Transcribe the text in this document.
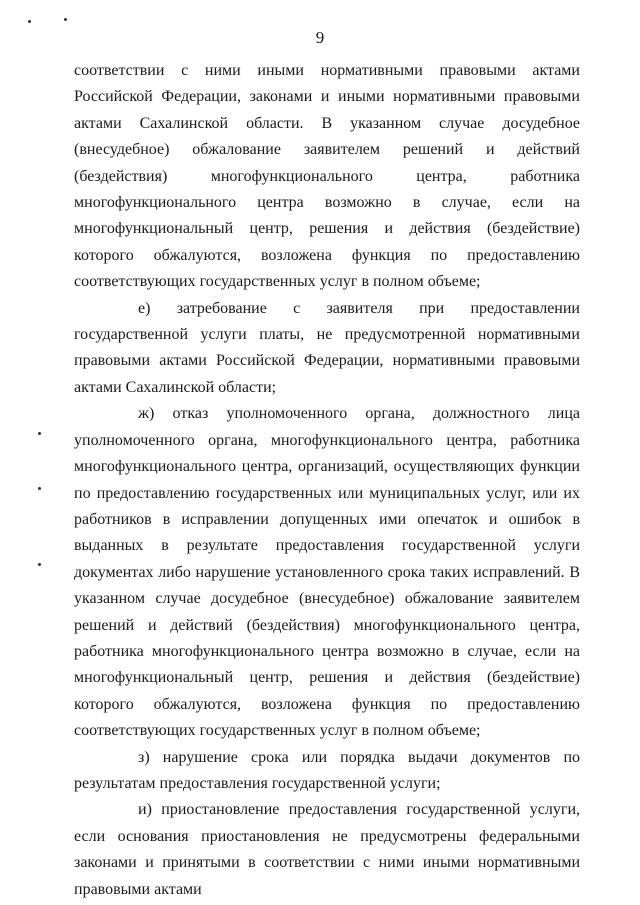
9

соответствии с ними иными нормативными правовыми актами Российской Федерации, законами и иными нормативными правовыми актами Сахалинской области. В указанном случае досудебное (внесудебное) обжалование заявителем решений и действий (бездействия) многофункционального центра, работника многофункционального центра возможно в случае, если на многофункциональный центр, решения и действия (бездействие) которого обжалуются, возложена функция по предоставлению соответствующих государственных услуг в полном объеме;

е) затребование с заявителя при предоставлении государственной услуги платы, не предусмотренной нормативными правовыми актами Российской Федерации, нормативными правовыми актами Сахалинской области;

ж) отказ уполномоченного органа, должностного лица уполномоченного органа, многофункционального центра, работника многофункционального центра, организаций, осуществляющих функции по предоставлению государственных или муниципальных услуг, или их работников в исправлении допущенных ими опечаток и ошибок в выданных в результате предоставления государственной услуги документах либо нарушение установленного срока таких исправлений. В указанном случае досудебное (внесудебное) обжалование заявителем решений и действий (бездействия) многофункционального центра, работника многофункционального центра возможно в случае, если на многофункциональный центр, решения и действия (бездействие) которого обжалуются, возложена функция по предоставлению соответствующих государственных услуг в полном объеме;

з) нарушение срока или порядка выдачи документов по результатам предоставления государственной услуги;

и) приостановление предоставления государственной услуги, если основания приостановления не предусмотрены федеральными законами и принятыми в соответствии с ними иными нормативными правовыми актами
